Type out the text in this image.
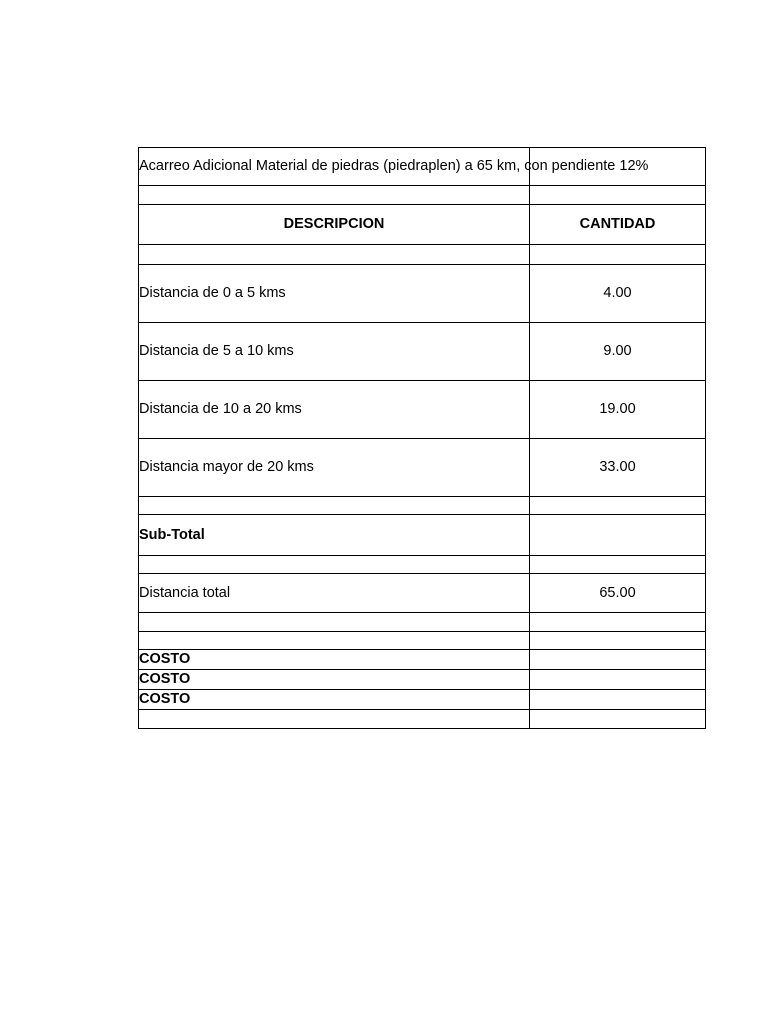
Acarreo Adicional Material de piedras (piedraplen) a 65 km, con pendiente 12%	

DESCRIPCION	CANTIDAD

Distancia de 0 a 5 kms	4.00
Distancia de 5 a 10 kms	9.00
Distancia de 10 a 20 kms	19.00
Distancia mayor de 20 kms	33.00

Sub-Total	

Distancia total	65.00

COSTO	
COSTO	
COSTO	
